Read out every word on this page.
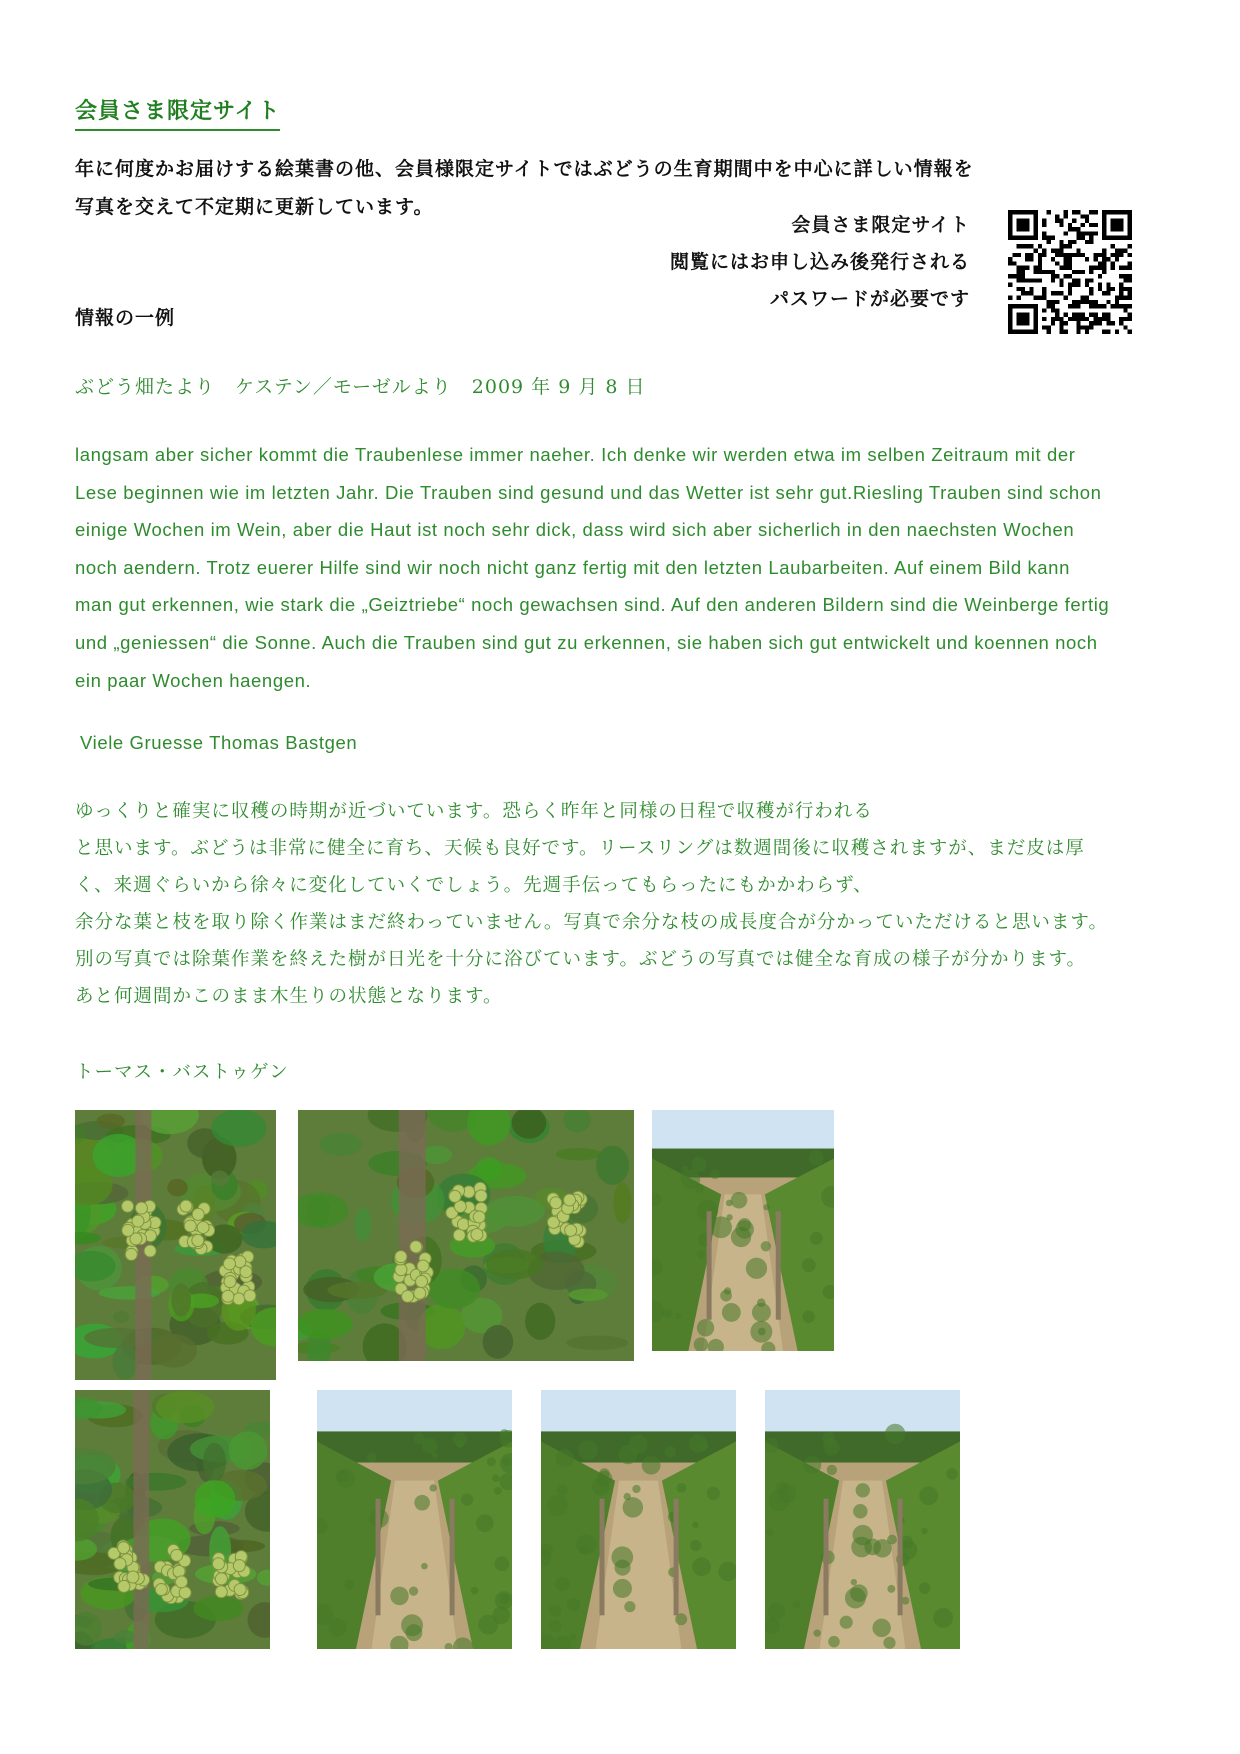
会員さま限定サイト
年に何度かお届けする絵葉書の他、会員様限定サイトではぶどうの生育期間中を中心に詳しい情報を
写真を交えて不定期に更新しています。
会員さま限定サイト
閲覧にはお申し込み後発行される
パスワードが必要です
情報の一例
ぶどう畑たより　ケステン／モーゼルより　2009 年 9 月 8 日
langsam aber sicher kommt die Traubenlese immer naeher. Ich denke wir werden etwa im selben Zeitraum mit der
Lese beginnen wie im letzten Jahr. Die Trauben sind gesund und das Wetter ist sehr gut.Riesling Trauben sind schon
einige Wochen im Wein, aber die Haut ist noch sehr dick, dass wird sich aber sicherlich in den naechsten Wochen
noch aendern. Trotz euerer Hilfe sind wir noch nicht ganz fertig mit den letzten Laubarbeiten. Auf einem Bild kann
man gut erkennen, wie stark die „Geiztriebe“ noch gewachsen sind. Auf den anderen Bildern sind die Weinberge fertig
und „geniessen“ die Sonne. Auch die Trauben sind gut zu erkennen, sie haben sich gut entwickelt und koennen noch
ein paar Wochen haengen.
Viele Gruesse Thomas Bastgen
ゆっくりと確実に収穫の時期が近づいています。恐らく昨年と同様の日程で収穫が行われる
と思います。ぶどうは非常に健全に育ち、天候も良好です。リースリングは数週間後に収穫されますが、まだ皮は厚
く、来週ぐらいから徐々に変化していくでしょう。先週手伝ってもらったにもかかわらず、
余分な葉と枝を取り除く作業はまだ終わっていません。写真で余分な枝の成長度合が分かっていただけると思います。
別の写真では除葉作業を終えた樹が日光を十分に浴びています。ぶどうの写真では健全な育成の様子が分かります。
あと何週間かこのまま木生りの状態となります。
トーマス・バストゥゲン
